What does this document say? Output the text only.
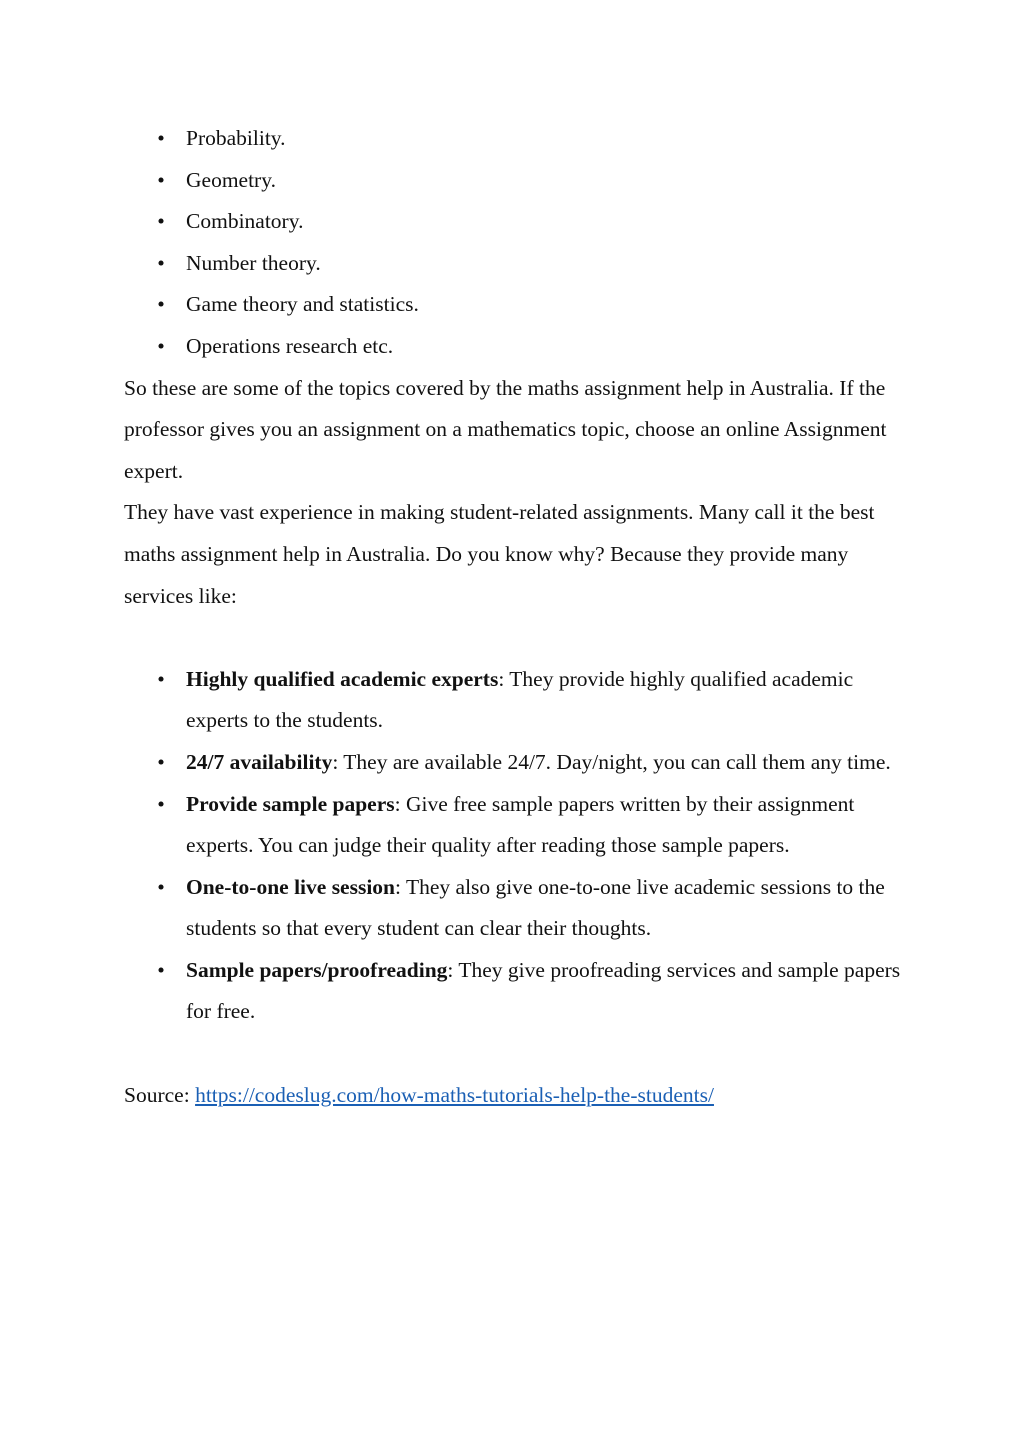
• Probability.
• Geometry.
• Combinatory.
• Number theory.
• Game theory and statistics.
• Operations research etc.

So these are some of the topics covered by the maths assignment help in Australia. If the professor gives you an assignment on a mathematics topic, choose an online Assignment expert.

They have vast experience in making student-related assignments. Many call it the best maths assignment help in Australia. Do you know why? Because they provide many services like:

• Highly qualified academic experts: They provide highly qualified academic experts to the students.
• 24/7 availability: They are available 24/7. Day/night, you can call them any time.
• Provide sample papers: Give free sample papers written by their assignment experts. You can judge their quality after reading those sample papers.
• One-to-one live session: They also give one-to-one live academic sessions to the students so that every student can clear their thoughts.
• Sample papers/proofreading: They give proofreading services and sample papers for free.

Source: https://codeslug.com/how-maths-tutorials-help-the-students/
